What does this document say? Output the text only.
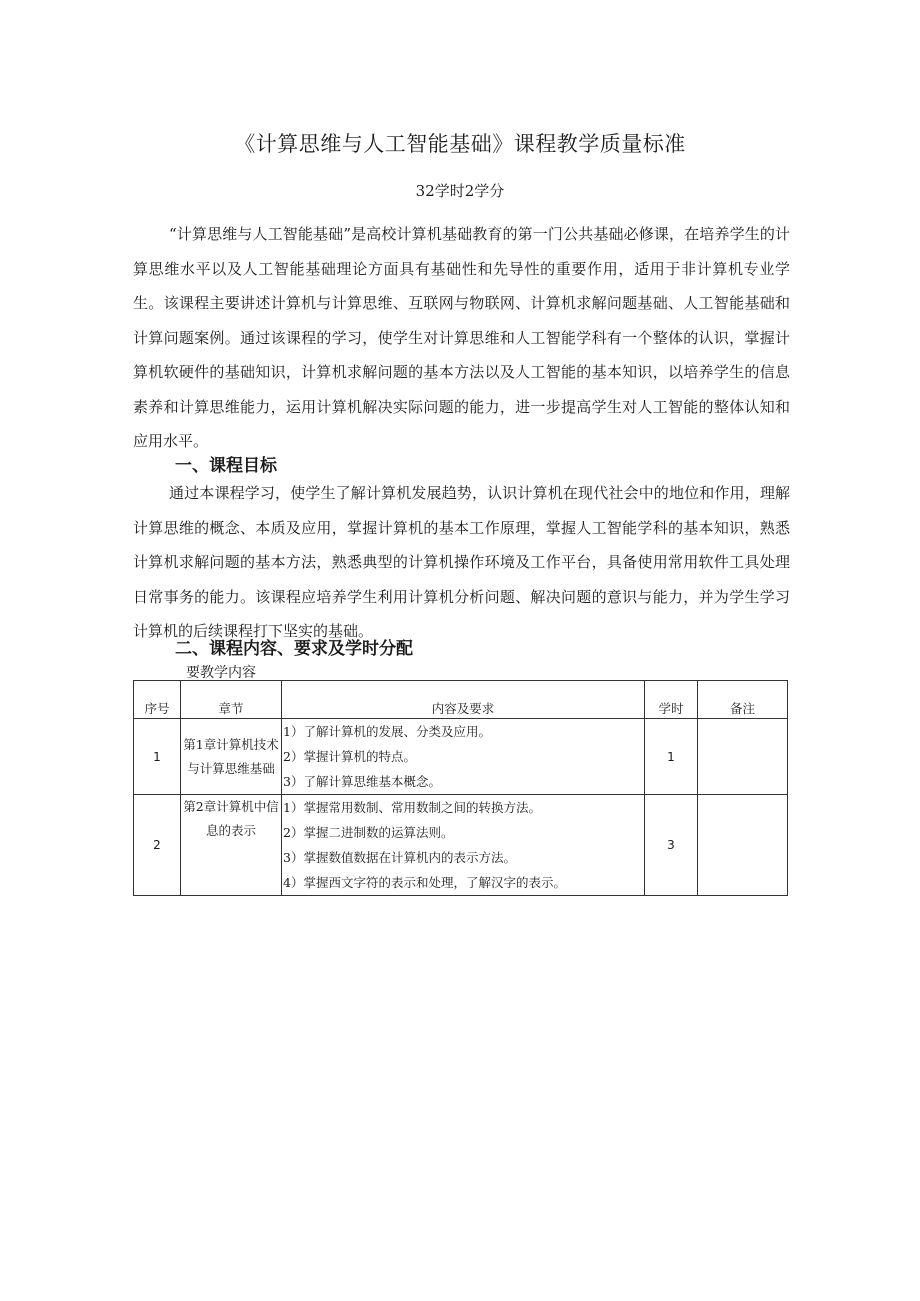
《计算思维与人工智能基础》课程教学质量标准
32学时2学分

“计算思维与人工智能基础”是高校计算机基础教育的第一门公共基础必修课，在培养学生的计算思维水平以及人工智能基础理论方面具有基础性和先导性的重要作用，适用于非计算机专业学生。该课程主要讲述计算机与计算思维、互联网与物联网、计算机求解问题基础、人工智能基础和计算问题案例。通过该课程的学习，使学生对计算思维和人工智能学科有一个整体的认识，掌握计算机软硬件的基础知识，计算机求解问题的基本方法以及人工智能的基本知识，以培养学生的信息素养和计算思维能力，运用计算机解决实际问题的能力，进一步提高学生对人工智能的整体认知和应用水平。

一、课程目标

通过本课程学习，使学生了解计算机发展趋势，认识计算机在现代社会中的地位和作用，理解计算思维的概念、本质及应用，掌握计算机的基本工作原理，掌握人工智能学科的基本知识，熟悉计算机求解问题的基本方法，熟悉典型的计算机操作环境及工作平台，具备使用常用软件工具处理日常事务的能力。该课程应培养学生利用计算机分析问题、解决问题的意识与能力，并为学生学习计算机的后续课程打下坚实的基础。

二、课程内容、要求及学时分配
要教学内容
序号	章节	内容及要求	学时	备注
1	第1章计算机技术与计算思维基础	1）了解计算机的发展、分类及应用。
2）掌握计算机的特点。
3）了解计算思维基本概念。	1	
2	第2章计算机中信息的表示	1）掌握常用数制、常用数制之间的转换方法。
2）掌握二进制数的运算法则。
3）掌握数值数据在计算机内的表示方法。
4）掌握西文字符的表示和处理，了解汉字的表示。	3	
